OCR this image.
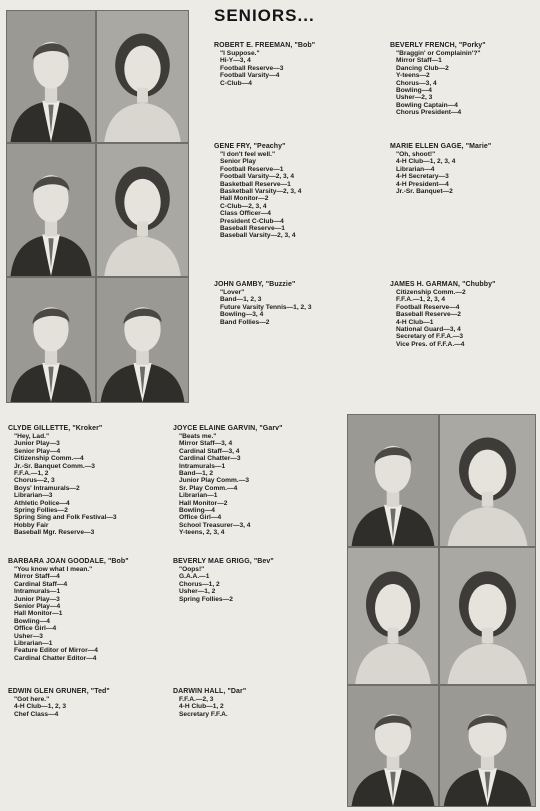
SENIORS...
ROBERT E. FREEMAN, "Bob"
"I Suppose."
Hi-Y—3, 4
Football Reserve—3
Football Varsity—4
C-Club—4
BEVERLY FRENCH, "Porky"
"Braggin' or Complainin'?"
Mirror Staff—1
Dancing Club—2
Y-teens—2
Chorus—3, 4
Bowling—4
Usher—2, 3
Bowling Captain—4
Chorus President—4
GENE FRY, "Peachy"
"I don't feel well."
Senior Play
Football Reserve—1
Football Varsity—2, 3, 4
Basketball Reserve—1
Basketball Varsity—2, 3, 4
Hall Monitor—2
C-Club—2, 3, 4
Class Officer—4
President C-Club—4
Baseball Reserve—1
Baseball Varsity—2, 3, 4
MARIE ELLEN GAGE, "Marie"
"Oh, shoot!"
4-H Club—1, 2, 3, 4
Librarian—4
4-H Secretary—3
4-H President—4
Jr.-Sr. Banquet—2
JOHN GAMBY, "Buzzie"
"Lover"
Band—1, 2, 3
Future Varsity Tennis—1, 2, 3
Bowling—3, 4
Band Follies—2
JAMES H. GARMAN, "Chubby"
Citizenship Comm.—2
F.F.A.—1, 2, 3, 4
Football Reserve—4
Baseball Reserve—2
4-H Club—1
National Guard—3, 4
Secretary of F.F.A.—3
Vice Pres. of F.F.A.—4
CLYDE GILLETTE, "Kroker"
"Hey, Lad."
Junior Play—3
Senior Play—4
Citizenship Comm.—4
Jr.-Sr. Banquet Comm.—3
F.F.A.—1, 2
Chorus—2, 3
Boys' Intramurals—2
Librarian—3
Athletic Police—4
Spring Follies—2
Spring Sing and Folk Festival—3
Hobby Fair
Baseball Mgr. Reserve—3
JOYCE ELAINE GARVIN, "Garv"
"Beats me."
Mirror Staff—3, 4
Cardinal Staff—3, 4
Cardinal Chatter—3
Intramurals—1
Band—1, 2
Junior Play Comm.—3
Sr. Play Comm.—4
Librarian—1
Hall Monitor—2
Bowling—4
Office Girl—4
School Treasurer—3, 4
Y-teens, 2, 3, 4
BARBARA JOAN GOODALE, "Bob"
"You know what I mean."
Mirror Staff—4
Cardinal Staff—4
Intramurals—1
Junior Play—3
Senior Play—4
Hall Monitor—1
Bowling—4
Office Girl—4
Usher—3
Librarian—1
Feature Editor of Mirror—4
Cardinal Chatter Editor—4
BEVERLY MAE GRIGG, "Bev"
"Oops!"
G.A.A.—1
Chorus—1, 2
Usher—1, 2
Spring Follies—2
EDWIN GLEN GRUNER, "Ted"
"Got here."
4-H Club—1, 2, 3
Chef Class—4
DARWIN HALL, "Dar"
F.F.A.—2, 3
4-H Club—1, 2
Secretary F.F.A.
